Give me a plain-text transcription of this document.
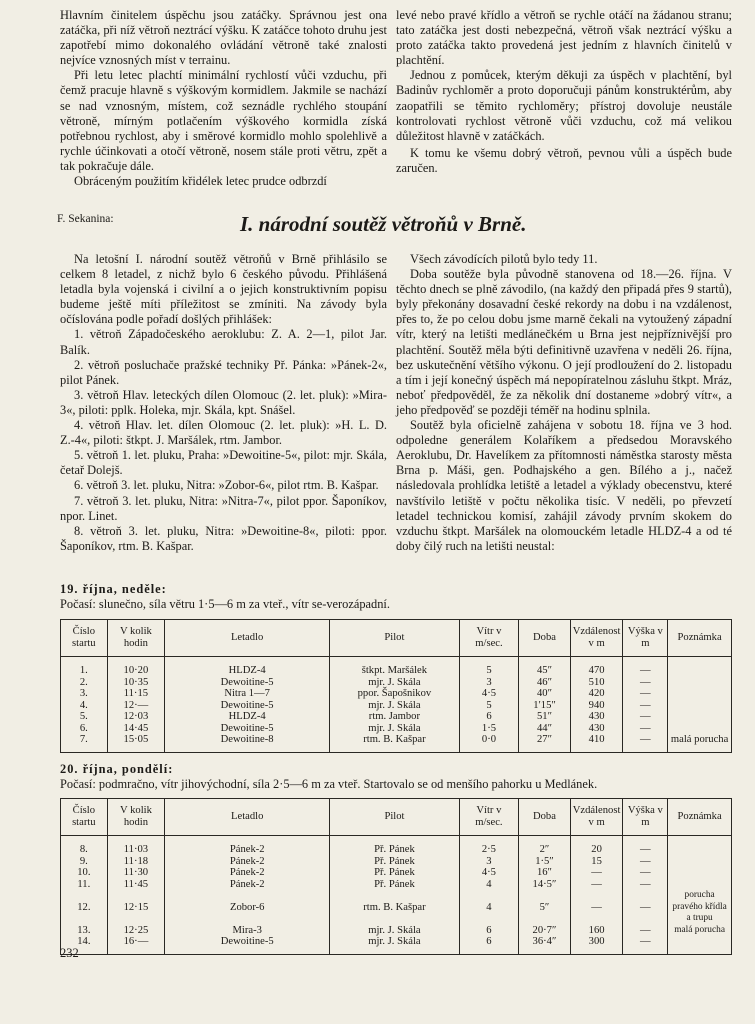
Hlavním činitelem úspěchu jsou zatáčky. Správnou jest ona zatáčka, při níž větroň neztrácí výšku. K zatáčce tohoto druhu jest zapotřebí mimo dokonalého ovládání větroně také znalosti nejvíce vznosných míst v terrainu.

Při letu letec plachtí minimální rychlostí vůči vzduchu, při čemž pracuje hlavně s výškovým kormidlem. Jakmile se nachází se nad vznosným, místem, což seznádle rychlého stoupání větroně, mírným potlačením výškového kormidla získá potřebnou rychlost, aby i směrové kormidlo mohlo spolehlivě a rychle účinkovati a otočí větroně, nosem stále proti větru, zpět a tak pokračuje dále.

Obráceným použitím křidélek letec prudce odbrzdí

levé nebo pravé křídlo a větroň se rychle otáčí na žádanou stranu; tato zatáčka jest dosti nebezpečná, větroň však neztrácí výšku a proto zatáčka takto provedená jest jedním z hlavních činitelů v plachtění.

Jednou z pomůcek, kterým děkuji za úspěch v plachtění, byl Badinův rychloměr a proto doporučuji pánům konstruktérům, aby zaopatřili se těmito rychloměry; přístroj dovoluje neustále kontrolovati rychlost větroně vůči vzduchu, což má velikou důležitost hlavně v zatáčkách.

K tomu ke všemu dobrý větroň, pevnou vůli a úspěch bude zaručen.

F. Sekanina:	I. národní soutěž větroňů v Brně.

Na letošní I. národní soutěž větroňů v Brně přihlásilo se celkem 8 letadel, z nichž bylo 6 českého původu. Přihlášená letadla byla vojenská i civilní a o jejich konstruktivním popisu budeme ještě míti příležitost se zmíniti. Na závody byla očíslována podle pořadí došlých přihlášek:

1. větroň Západočeského aeroklubu: Z. A. 2—1, pilot Jar. Balík.

2. větroň posluchače pražské techniky Př. Pánka: »Pánek-2«, pilot Pánek.

3. větroň Hlav. leteckých dílen Olomouc (2. let. pluk): »Mira-3«, piloti: pplk. Holeka, mjr. Skála, kpt. Snášel.

4. větroň Hlav. let. dílen Olomouc (2. let. pluk): »H. L. D. Z.-4«, piloti: štkpt. J. Maršálek, rtm. Jambor.

5. větroň 1. let. pluku, Praha: »Dewoitine-5«, pilot: mjr. Skála, četař Dolejš.

6. větroň 3. let. pluku, Nitra: »Zobor-6«, pilot rtm. B. Kašpar.

7. větroň 3. let. pluku, Nitra: »Nitra-7«, pilot ppor. Šaponíkov, npor. Linet.

8. větroň 3. let. pluku, Nitra: »Dewoitine-8«, piloti: ppor. Šaponíkov, rtm. B. Kašpar.

Všech závodících pilotů bylo tedy 11.

Doba soutěže byla původně stanovena od 18.—26. října. V těchto dnech se plně závodilo, (na každý den připadá přes 9 startů), byly překonány dosavadní české rekordy na dobu i na vzdálenost, přes to, že po celou dobu jsme marně čekali na vytoužený západní vítr, který na letišti medlánečkém u Brna jest nejpříznivější pro plachtění. Soutěž měla býti definitivně uzavřena v neděli 26. října, bez uskutečnění většího výkonu. O její prodloužení do 2. listopadu a tím i její konečný úspěch má nepopíratelnou zásluhu štkpt. Mráz, neboť předpověděl, že za několik dní dostaneme »dobrý vítr«, a jeho předpověď se později téměř na hodinu splnila.

Soutěž byla oficielně zahájena v sobotu 18. října ve 3 hod. odpoledne generálem Kolaříkem a předsedou Moravského Aeroklubu, Dr. Havelíkem za přítomnosti náměstka starosty města Brna p. Máši, gen. Podhajského a gen. Bílého a j., načež následovala prohlídka letiště a letadel a výklady obecenstvu, které navštívilo letiště v počtu několika tisíc. V neděli, po převzetí letadel technickou komisí, zahájil závody prvním skokem do vzduchu štkpt. Maršálek na olomouckém letadle HLDZ-4 a od té doby čilý ruch na letišti neustal:

19. října, neděle:
Počasí: slunečno, síla větru 1·5—6 m za vteř., vítr se-verozápadní.
Číslo startu	V kolik hodin	Letadlo	Pilot	Vítr v m/sec.	Doba	Vzdálenost v m	Výška v m	Poznámka
1.	10·20	HLDZ-4	štkpt. Maršálek	5	45″	470	—	
2.	10·35	Dewoitine-5	mjr. J. Skála	3	46″	510	—	
3.	11·15	Nitra 1—7	ppor. Šapošnikov	4·5	40″	420	—	
4.	12·—	Dewoitine-5	mjr. J. Skála	5	1′15″	940	—	
5.	12·03	HLDZ-4	rtm. Jambor	6	51″	430	—	
6.	14·45	Dewoitine-5	mjr. J. Skála	1·5	44″	430	—	
7.	15·05	Dewoitine-8	rtm. B. Kašpar	0·0	27″	410	—	malá porucha
20. října, pondělí:
Počasí: podmračno, vítr jihovýchodní, síla 2·5—6 m za vteř. Startovalo se od menšího pahorku u Medlánek.
Číslo startu	V kolik hodin	Letadlo	Pilot	Vítr v m/sec.	Doba	Vzdálenost v m	Výška v m	Poznámka
8.	11·03	Pánek-2	Př. Pánek	2·5	2″	20	—	
9.	11·18	Pánek-2	Př. Pánek	3	1·5″	15	—	
10.	11·30	Pánek-2	Př. Pánek	4·5	16″	—	—	
11.	11·45	Pánek-2	Př. Pánek	4	14·5″	—	—	
12.	12·15	Zobor-6	rtm. B. Kašpar	4	5″	—	—	porucha pravého křídla a trupu
13.	12·25	Mira-3	mjr. J. Skála	6	20·7″	160	—	malá porucha
14.	16·—	Dewoitine-5	mjr. J. Skála	6	36·4″	300	—	
232
